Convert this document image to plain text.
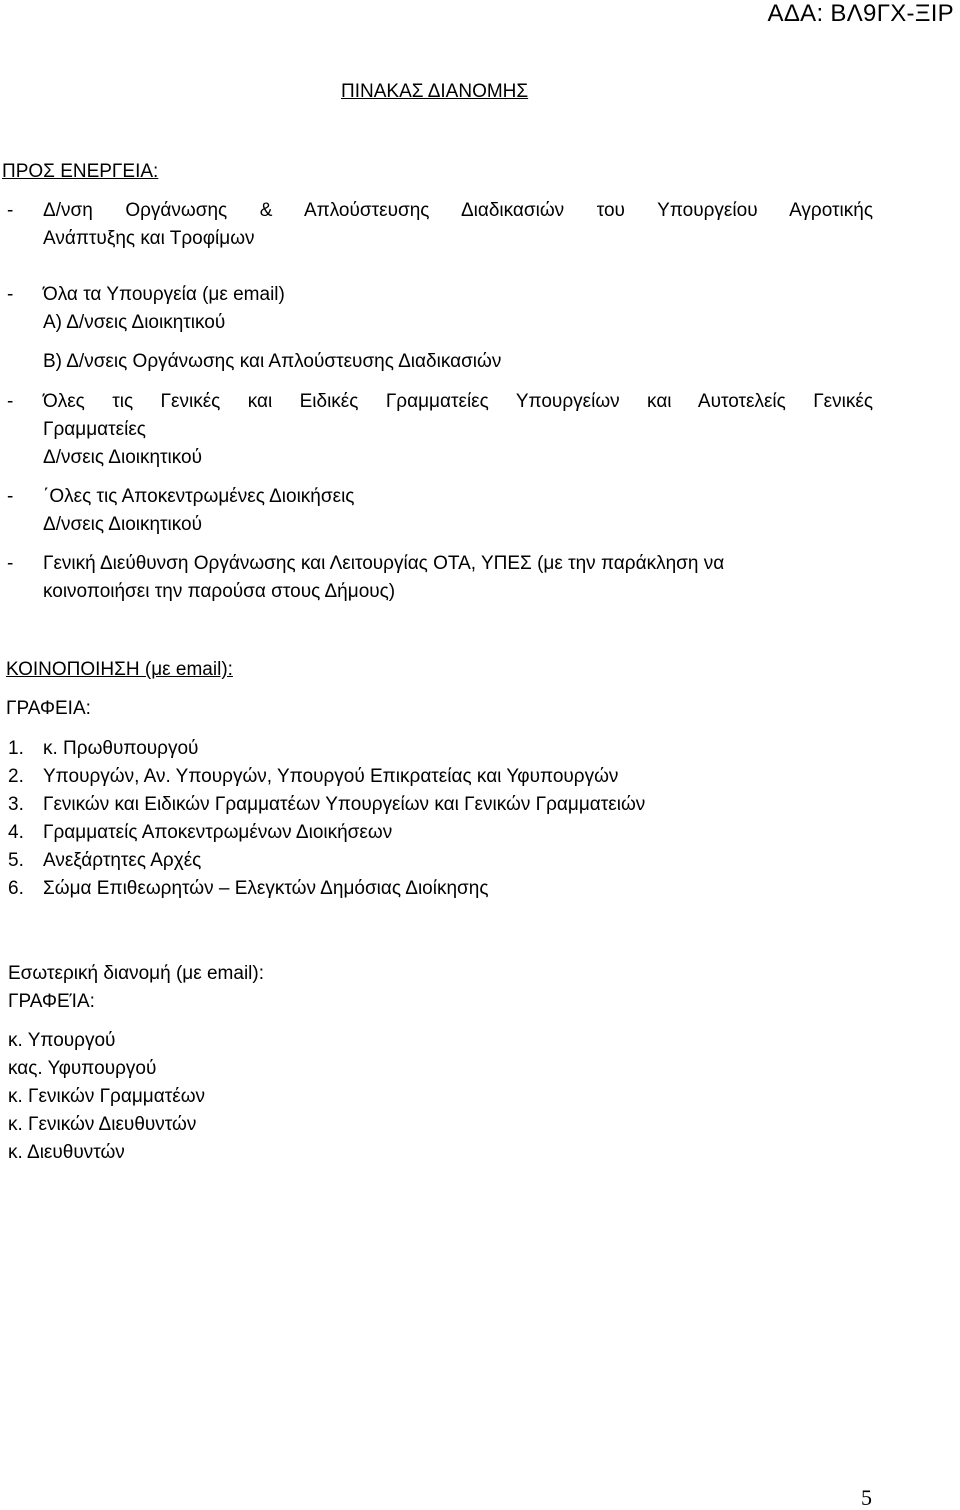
ΑΔΑ: ΒΛ9ΓΧ-ΞΙΡ
ΠΙΝΑΚΑΣ ΔΙΑΝΟΜΗΣ
ΠΡΟΣ ΕΝΕΡΓΕΙΑ:
- Δ/νση Οργάνωσης & Απλούστευσης Διαδικασιών του Υπουργείου Αγροτικής
Ανάπτυξης και Τροφίμων
- Όλα τα Υπουργεία (με email)
Α) Δ/νσεις Διοικητικού
Β) Δ/νσεις Οργάνωσης και Απλούστευσης Διαδικασιών
- Όλες τις Γενικές και Ειδικές Γραμματείες Υπουργείων και Αυτοτελείς Γενικές
Γραμματείες
Δ/νσεις Διοικητικού
- ΄Ολες τις Αποκεντρωμένες Διοικήσεις
Δ/νσεις Διοικητικού
- Γενική Διεύθυνση Οργάνωσης και Λειτουργίας ΟΤΑ, ΥΠΕΣ (με την παράκληση να
κοινοποιήσει την παρούσα στους Δήμους)
ΚΟΙΝΟΠΟΙΗΣΗ (με email):
ΓΡΑΦΕΙΑ:
1. κ. Πρωθυπουργού
2. Υπουργών, Αν. Υπουργών, Υπουργού Επικρατείας και Υφυπουργών
3. Γενικών και Ειδικών Γραμματέων Υπουργείων και Γενικών Γραμματειών
4. Γραμματείς Αποκεντρωμένων Διοικήσεων
5. Ανεξάρτητες Αρχές
6. Σώμα Επιθεωρητών – Ελεγκτών Δημόσιας Διοίκησης
Εσωτερική διανομή (με email):
ΓΡΑΦΕΊΑ:
κ. Υπουργού
κας. Υφυπουργού
κ. Γενικών Γραμματέων
κ. Γενικών Διευθυντών
κ. Διευθυντών
5
